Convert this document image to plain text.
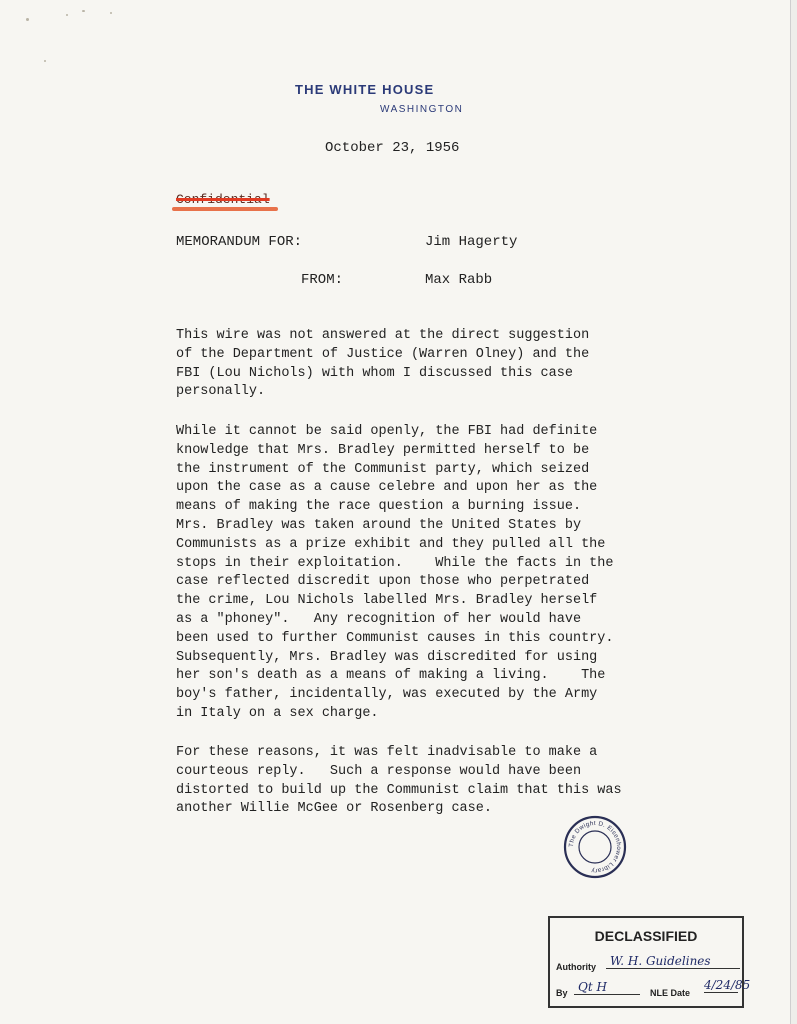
THE WHITE HOUSE
WASHINGTON
October 23, 1956
Confidential
MEMORANDUM FOR:	Jim Hagerty
FROM:	Max Rabb
This wire was not answered at the direct suggestion
of the Department of Justice (Warren Olney) and the
FBI (Lou Nichols) with whom I discussed this case
personally.
While it cannot be said openly, the FBI had definite
knowledge that Mrs. Bradley permitted herself to be
the instrument of the Communist party, which seized
upon the case as a cause celebre and upon her as the
means of making the race question a burning issue.
Mrs. Bradley was taken around the United States by
Communists as a prize exhibit and they pulled all the
stops in their exploitation.    While the facts in the
case reflected discredit upon those who perpetrated
the crime, Lou Nichols labelled Mrs. Bradley herself
as a "phoney".   Any recognition of her would have
been used to further Communist causes in this country.
Subsequently, Mrs. Bradley was discredited for using
her son's death as a means of making a living.    The
boy's father, incidentally, was executed by the Army
in Italy on a sex charge.
For these reasons, it was felt inadvisable to make a
courteous reply.   Such a response would have been
distorted to build up the Communist claim that this was
another Willie McGee or Rosenberg case.
The Dwight D. Eisenhower Library
DECLASSIFIED
Authority	W. H. Guidelines
By Qt H	NLE Date
4/24/85
